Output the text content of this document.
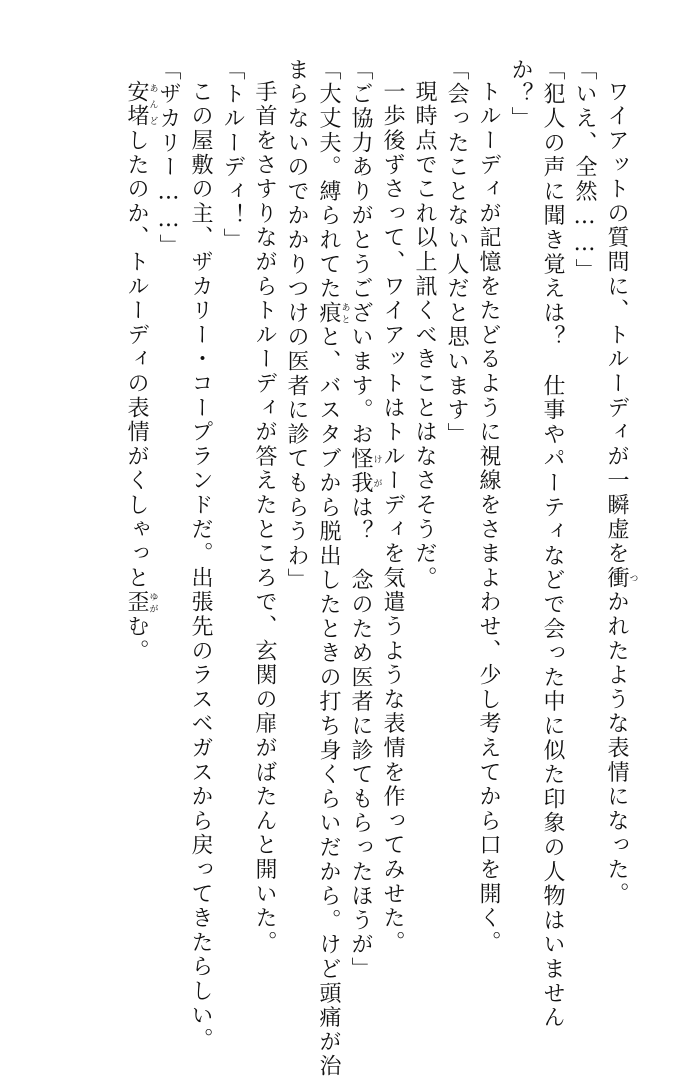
ワイアットの質問に、トルーディが一瞬虚を衝つかれたような表情になった。
「いえ、全然……」
「犯人の声に聞き覚えは？　仕事やパーティなどで会った中に似た印象の人物はいません
か？」
トルーディが記憶をたどるように視線をさまよわせ、少し考えてから口を開く。
「会ったことない人だと思います」
現時点でこれ以上訊くべきことはなさそうだ。
一歩後ずさって、ワイアットはトルーディを気遣うような表情を作ってみせた。
「ご協力ありがとうございます。お怪我けがは？　念のため医者に診てもらったほうが」
「大丈夫。縛られてた痕あとと、バスタブから脱出したときの打ち身くらいだから。けど頭痛が治
まらないのでかかりつけの医者に診てもらうわ」
手首をさすりながらトルーディが答えたところで、玄関の扉がばたんと開いた。
「トルーディ！」
この屋敷の主、ザカリー・コープランドだ。出張先のラスベガスから戻ってきたらしい。
「ザカリー……」
安堵あんどしたのか、トルーディの表情がくしゃっと歪ゆがむ。
